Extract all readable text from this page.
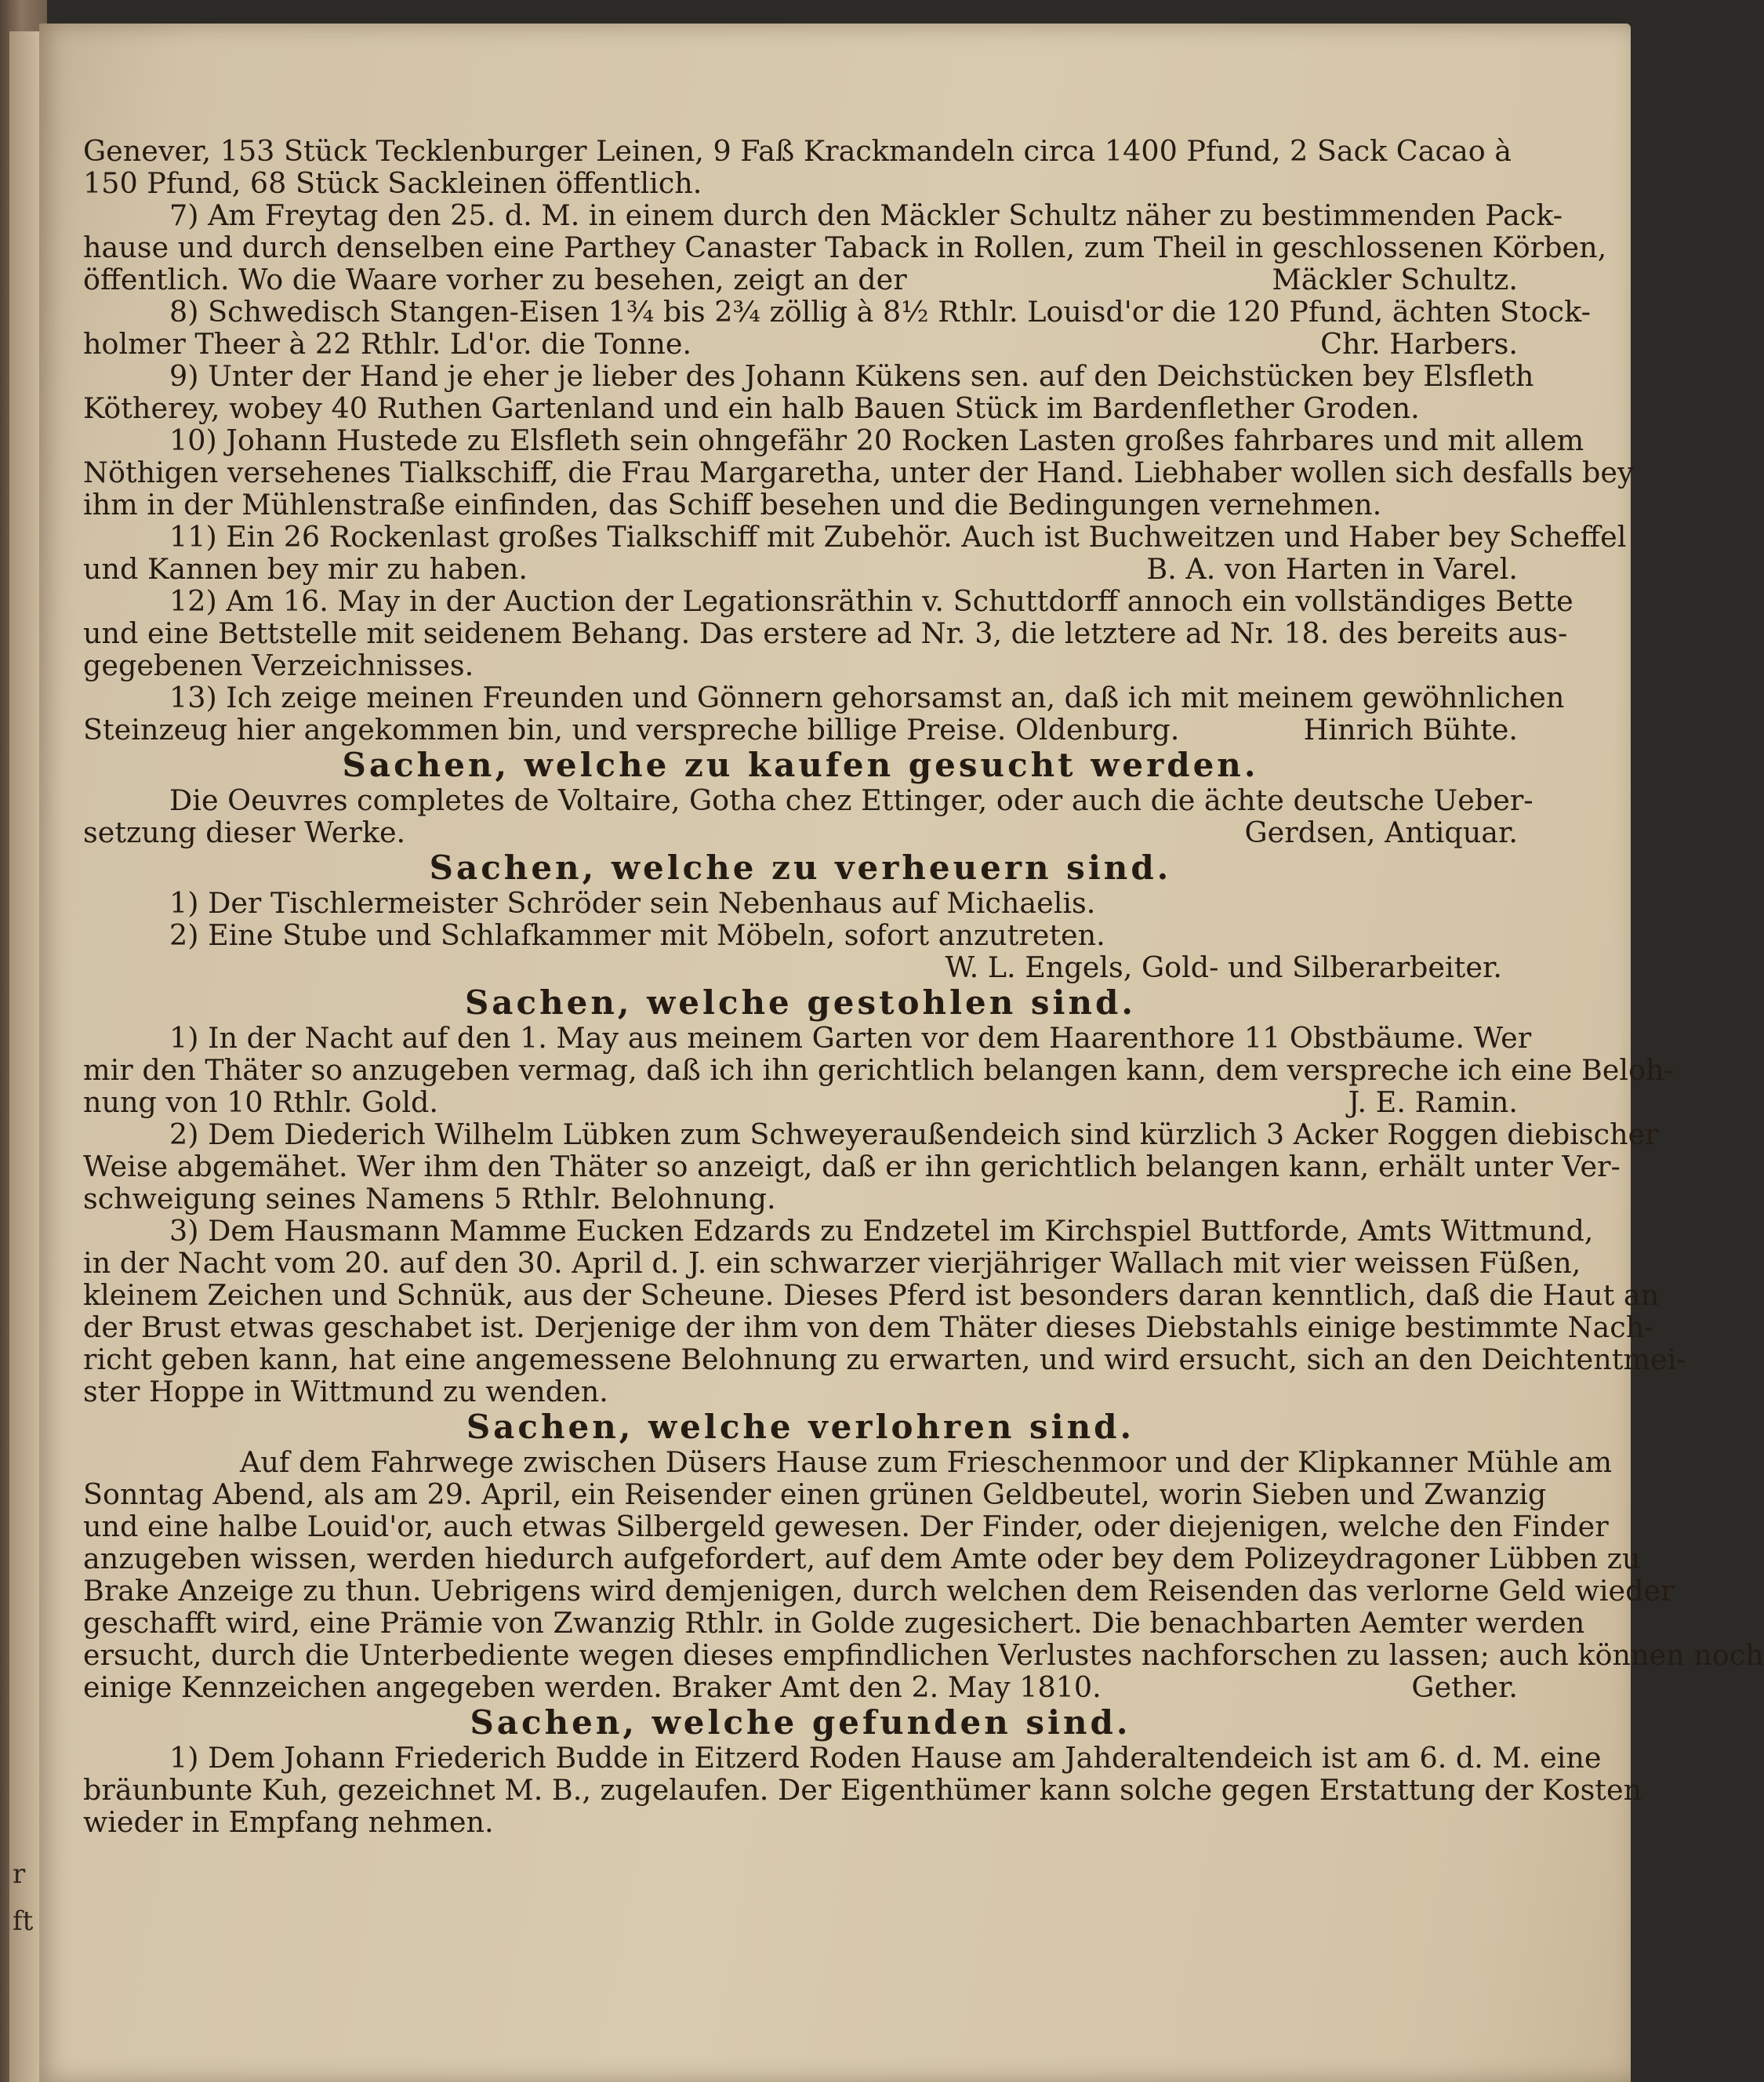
r
ft
Genever, 153 Stück Tecklenburger Leinen, 9 Faß Krackmandeln circa 1400 Pfund, 2 Sack Cacao à
150 Pfund, 68 Stück Sackleinen öffentlich.
7) Am Freytag den 25. d. M. in einem durch den Mäckler Schultz näher zu bestimmenden Pack-
hause und durch denselben eine Parthey Canaster Taback in Rollen, zum Theil in geschlossenen Körben,
öffentlich. Wo die Waare vorher zu besehen, zeigt an der	Mäckler Schultz.
8) Schwedisch Stangen-Eisen 1¾ bis 2¾ zöllig à 8½ Rthlr. Louisd'or die 120 Pfund, ächten Stock-
holmer Theer à 22 Rthlr. Ld'or. die Tonne.	Chr. Harbers.
9) Unter der Hand je eher je lieber des Johann Kükens sen. auf den Deichstücken bey Elsfleth
Kötherey, wobey 40 Ruthen Gartenland und ein halb Bauen Stück im Bardenflether Groden.
10) Johann Hustede zu Elsfleth sein ohngefähr 20 Rocken Lasten großes fahrbares und mit allem
Nöthigen versehenes Tialkschiff, die Frau Margaretha, unter der Hand. Liebhaber wollen sich desfalls bey
ihm in der Mühlenstraße einfinden, das Schiff besehen und die Bedingungen vernehmen.
11) Ein 26 Rockenlast großes Tialkschiff mit Zubehör. Auch ist Buchweitzen und Haber bey Scheffel
und Kannen bey mir zu haben.	B. A. von Harten in Varel.
12) Am 16. May in der Auction der Legationsräthin v. Schuttdorff annoch ein vollständiges Bette
und eine Bettstelle mit seidenem Behang. Das erstere ad Nr. 3, die letztere ad Nr. 18. des bereits aus-
gegebenen Verzeichnisses.
13) Ich zeige meinen Freunden und Gönnern gehorsamst an, daß ich mit meinem gewöhnlichen
Steinzeug hier angekommen bin, und verspreche billige Preise. Oldenburg.	Hinrich Bühte.
Sachen, welche zu kaufen gesucht werden.
Die Oeuvres completes de Voltaire, Gotha chez Ettinger, oder auch die ächte deutsche Ueber-
setzung dieser Werke.	Gerdsen, Antiquar.
Sachen, welche zu verheuern sind.
1) Der Tischlermeister Schröder sein Nebenhaus auf Michaelis.
2) Eine Stube und Schlafkammer mit Möbeln, sofort anzutreten.
W. L. Engels, Gold- und Silberarbeiter.
Sachen, welche gestohlen sind.
1) In der Nacht auf den 1. May aus meinem Garten vor dem Haarenthore 11 Obstbäume. Wer
mir den Thäter so anzugeben vermag, daß ich ihn gerichtlich belangen kann, dem verspreche ich eine Beloh-
nung von 10 Rthlr. Gold.	J. E. Ramin.
2) Dem Diederich Wilhelm Lübken zum Schweyeraußendeich sind kürzlich 3 Acker Roggen diebischer
Weise abgemähet. Wer ihm den Thäter so anzeigt, daß er ihn gerichtlich belangen kann, erhält unter Ver-
schweigung seines Namens 5 Rthlr. Belohnung.
3) Dem Hausmann Mamme Eucken Edzards zu Endzetel im Kirchspiel Buttforde, Amts Wittmund,
in der Nacht vom 20. auf den 30. April d. J. ein schwarzer vierjähriger Wallach mit vier weissen Füßen,
kleinem Zeichen und Schnük, aus der Scheune. Dieses Pferd ist besonders daran kenntlich, daß die Haut an
der Brust etwas geschabet ist. Derjenige der ihm von dem Thäter dieses Diebstahls einige bestimmte Nach-
richt geben kann, hat eine angemessene Belohnung zu erwarten, und wird ersucht, sich an den Deichtentmei-
ster Hoppe in Wittmund zu wenden.
Sachen, welche verlohren sind.
Auf dem Fahrwege zwischen Düsers Hause zum Frieschenmoor und der Klipkanner Mühle am
Sonntag Abend, als am 29. April, ein Reisender einen grünen Geldbeutel, worin Sieben und Zwanzig
und eine halbe Louid'or, auch etwas Silbergeld gewesen. Der Finder, oder diejenigen, welche den Finder
anzugeben wissen, werden hiedurch aufgefordert, auf dem Amte oder bey dem Polizeydragoner Lübben zu
Brake Anzeige zu thun. Uebrigens wird demjenigen, durch welchen dem Reisenden das verlorne Geld wieder
geschafft wird, eine Prämie von Zwanzig Rthlr. in Golde zugesichert. Die benachbarten Aemter werden
ersucht, durch die Unterbediente wegen dieses empfindlichen Verlustes nachforschen zu lassen; auch können noch
einige Kennzeichen angegeben werden. Braker Amt den 2. May 1810.	Gether.
Sachen, welche gefunden sind.
1) Dem Johann Friederich Budde in Eitzerd Roden Hause am Jahderaltendeich ist am 6. d. M. eine
bräunbunte Kuh, gezeichnet M. B., zugelaufen. Der Eigenthümer kann solche gegen Erstattung der Kosten
wieder in Empfang nehmen.
